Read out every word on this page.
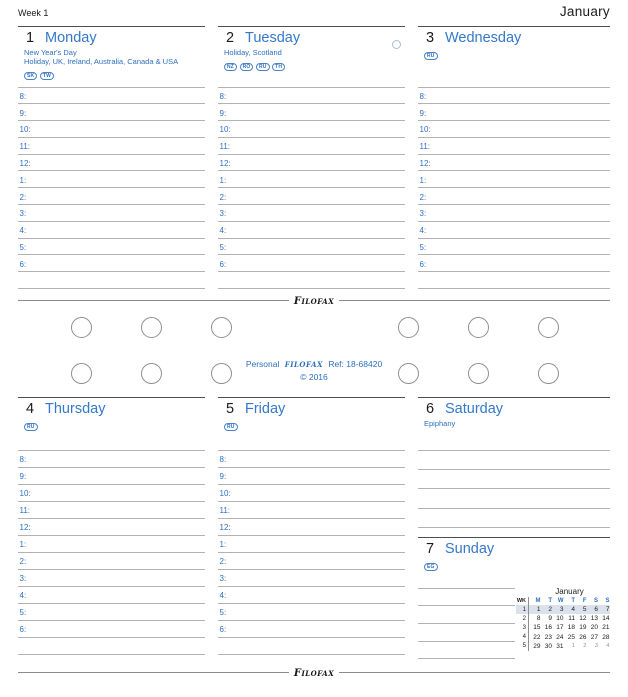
Week 1	January
1 Monday
New Year's Day
Holiday, UK, Ireland, Australia, Canada & USA
SK TW
8:
9:
10:
11:
12:
1:
2:
3:
4:
5:
6:
2 Tuesday
Holiday, Scotland
NZ RO RU TH
8:
9:
10:
11:
12:
1:
2:
3:
4:
5:
6:
3 Wednesday
RU
8:
9:
10:
11:
12:
1:
2:
3:
4:
5:
6:
4 Thursday
RU
8:
9:
10:
11:
12:
1:
2:
3:
4:
5:
6:
5 Friday
RU
8:
9:
10:
11:
12:
1:
2:
3:
4:
5:
6:
6 Saturday
Epiphany
7 Sunday
EG
filofax
Personal filofax Ref: 18-68420
© 2016
filofax
January
WK	M	T W	T	F	S	S
1	1	2	3	4	5	6	7
2	8	9 10 11 12 13 14
3	15 16 17 18 19 20 21
4	22 23 24 25 26 27 28
5	29 30 31	1	2	3	4
